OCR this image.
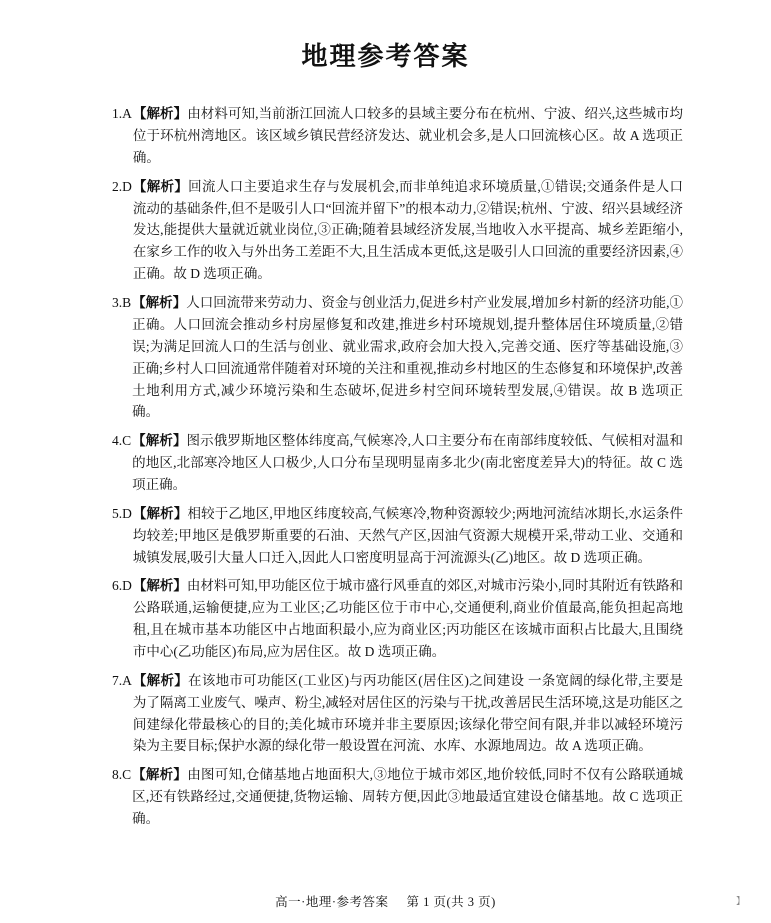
地理参考答案
1.A 【解析】由材料可知,当前浙江回流人口较多的县域主要分布在杭州、宁波、绍兴,这些城市均位于环杭州湾地区。该区域乡镇民营经济发达、就业机会多,是人口回流核心区。故 A 选项正确。
2.D 【解析】回流人口主要追求生存与发展机会,而非单纯追求环境质量,①错误;交通条件是人口流动的基础条件,但不是吸引人口“回流并留下”的根本动力,②错误;杭州、宁波、绍兴县域经济发达,能提供大量就近就业岗位,③正确;随着县域经济发展,当地收入水平提高、城乡差距缩小,在家乡工作的收入与外出务工差距不大,且生活成本更低,这是吸引人口回流的重要经济因素,④正确。故 D 选项正确。
3.B 【解析】人口回流带来劳动力、资金与创业活力,促进乡村产业发展,增加乡村新的经济功能,①正确。人口回流会推动乡村房屋修复和改建,推进乡村环境规划,提升整体居住环境质量,②错误;为满足回流人口的生活与创业、就业需求,政府会加大投入,完善交通、医疗等基础设施,③正确;乡村人口回流通常伴随着对环境的关注和重视,推动乡村地区的生态修复和环境保护,改善土地利用方式,减少环境污染和生态破坏,促进乡村空间环境转型发展,④错误。故 B 选项正确。
4.C 【解析】图示俄罗斯地区整体纬度高,气候寒冷,人口主要分布在南部纬度较低、气候相对温和的地区,北部寒冷地区人口极少,人口分布呈现明显南多北少(南北密度差异大)的特征。故 C 选项正确。
5.D 【解析】相较于乙地区,甲地区纬度较高,气候寒冷,物种资源较少;两地河流结冰期长,水运条件均较差;甲地区是俄罗斯重要的石油、天然气产区,因油气资源大规模开采,带动工业、交通和城镇发展,吸引大量人口迁入,因此人口密度明显高于河流源头(乙)地区。故 D 选项正确。
6.D 【解析】由材料可知,甲功能区位于城市盛行风垂直的郊区,对城市污染小,同时其附近有铁路和公路联通,运输便捷,应为工业区;乙功能区位于市中心,交通便利,商业价值最高,能负担起高地租,且在城市基本功能区中占地面积最小,应为商业区;丙功能区在该城市面积占比最大,且围绕市中心(乙功能区)布局,应为居住区。故 D 选项正确。
7.A 【解析】在该地市可功能区(工业区)与丙功能区(居住区)之间建设 一条宽阔的绿化带,主要是为了隔离工业废气、噪声、粉尘,减轻对居住区的污染与干扰,改善居民生活环境,这是功能区之间建绿化带最核心的目的;美化城市环境并非主要原因;该绿化带空间有限,并非以减轻环境污染为主要目标;保护水源的绿化带一般设置在河流、水库、水源地周边。故 A 选项正确。
8.C 【解析】由图可知,仓储基地占地面积大,③地位于城市郊区,地价较低,同时不仅有公路联通城区,还有铁路经过,交通便捷,货物运输、周转方便,因此③地最适宜建设仓储基地。故 C 选项正确。
高一·地理·参考答案 第 1 页(共 3 页)	】
